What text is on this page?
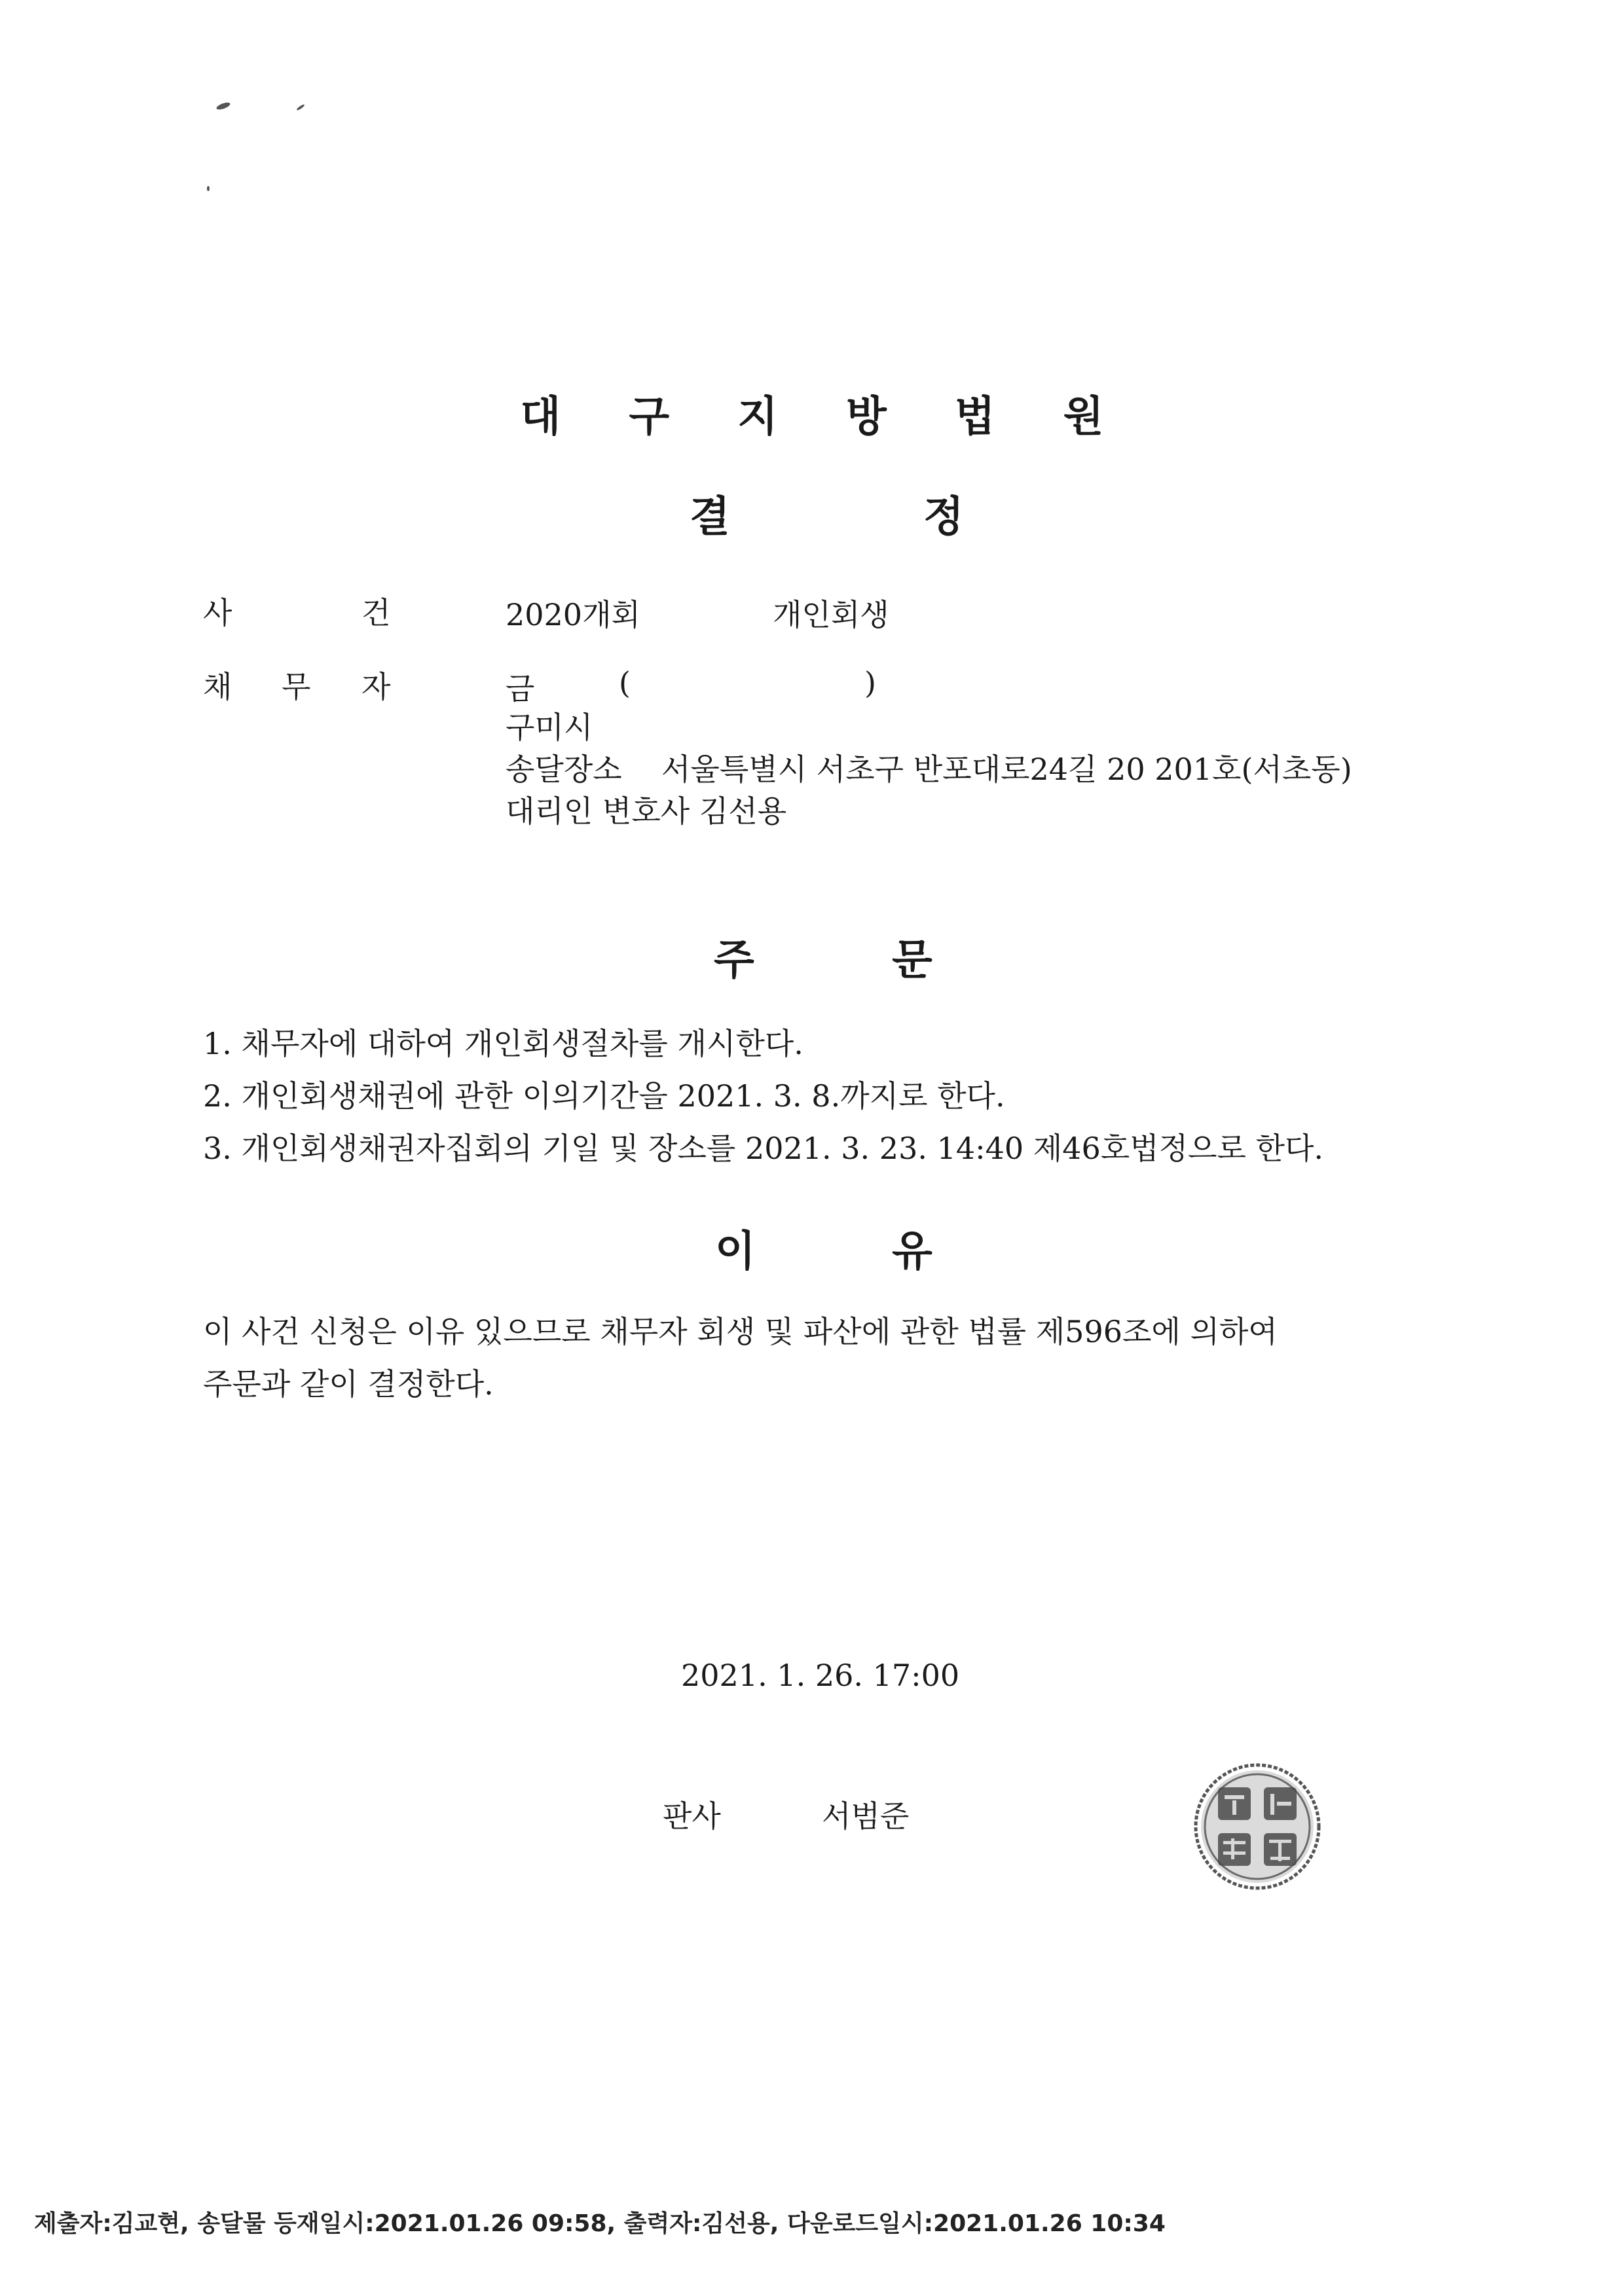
대 구 지 방 법 원
결	정
사	건	2020개회	개인회생
채 무 자	금	(	)
구미시
송달장소 서울특별시 서초구 반포대로24길 20 201호(서초동)
대리인 변호사 김선용
주	문
1. 채무자에 대하여 개인회생절차를 개시한다.
2. 개인회생채권에 관한 이의기간을 2021. 3. 8.까지로 한다.
3. 개인회생채권자집회의 기일 및 장소를 2021. 3. 23. 14:40 제46호법정으로 한다.
이	유
이 사건 신청은 이유 있으므로 채무자 회생 및 파산에 관한 법률 제596조에 의하여
주문과 같이 결정한다.
2021. 1. 26. 17:00
판사	서범준
제출자:김교현, 송달물 등재일시:2021.01.26 09:58, 출력자:김선용, 다운로드일시:2021.01.26 10:34
